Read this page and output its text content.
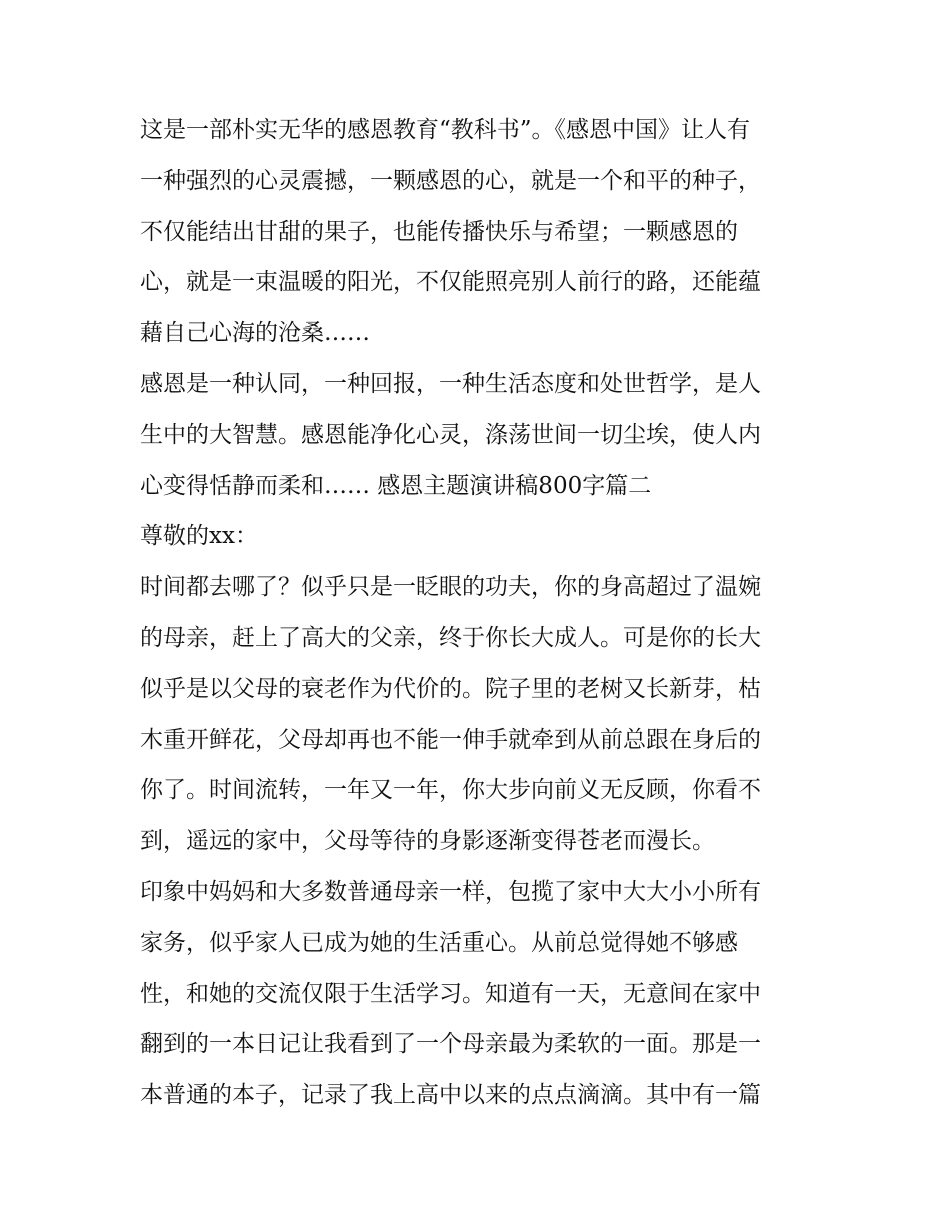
这是一部朴实无华的感恩教育“教科书”。《感恩中国》让人有
一种强烈的心灵震撼，一颗感恩的心，就是一个和平的种子，
不仅能结出甘甜的果子，也能传播快乐与希望；一颗感恩的
心，就是一束温暖的阳光，不仅能照亮别人前行的路，还能蕴
藉自己心海的沧桑……
感恩是一种认同，一种回报，一种生活态度和处世哲学，是人
生中的大智慧。感恩能净化心灵，涤荡世间一切尘埃，使人内
心变得恬静而柔和…… 感恩主题演讲稿800字篇二
尊敬的xx：
时间都去哪了？似乎只是一眨眼的功夫，你的身高超过了温婉
的母亲，赶上了高大的父亲，终于你长大成人。可是你的长大
似乎是以父母的衰老作为代价的。院子里的老树又长新芽，枯
木重开鲜花，父母却再也不能一伸手就牵到从前总跟在身后的
你了。时间流转，一年又一年，你大步向前义无反顾，你看不
到，遥远的家中，父母等待的身影逐渐变得苍老而漫长。
印象中妈妈和大多数普通母亲一样，包揽了家中大大小小所有
家务，似乎家人已成为她的生活重心。从前总觉得她不够感
性，和她的交流仅限于生活学习。知道有一天，无意间在家中
翻到的一本日记让我看到了一个母亲最为柔软的一面。那是一
本普通的本子，记录了我上高中以来的点点滴滴。其中有一篇
